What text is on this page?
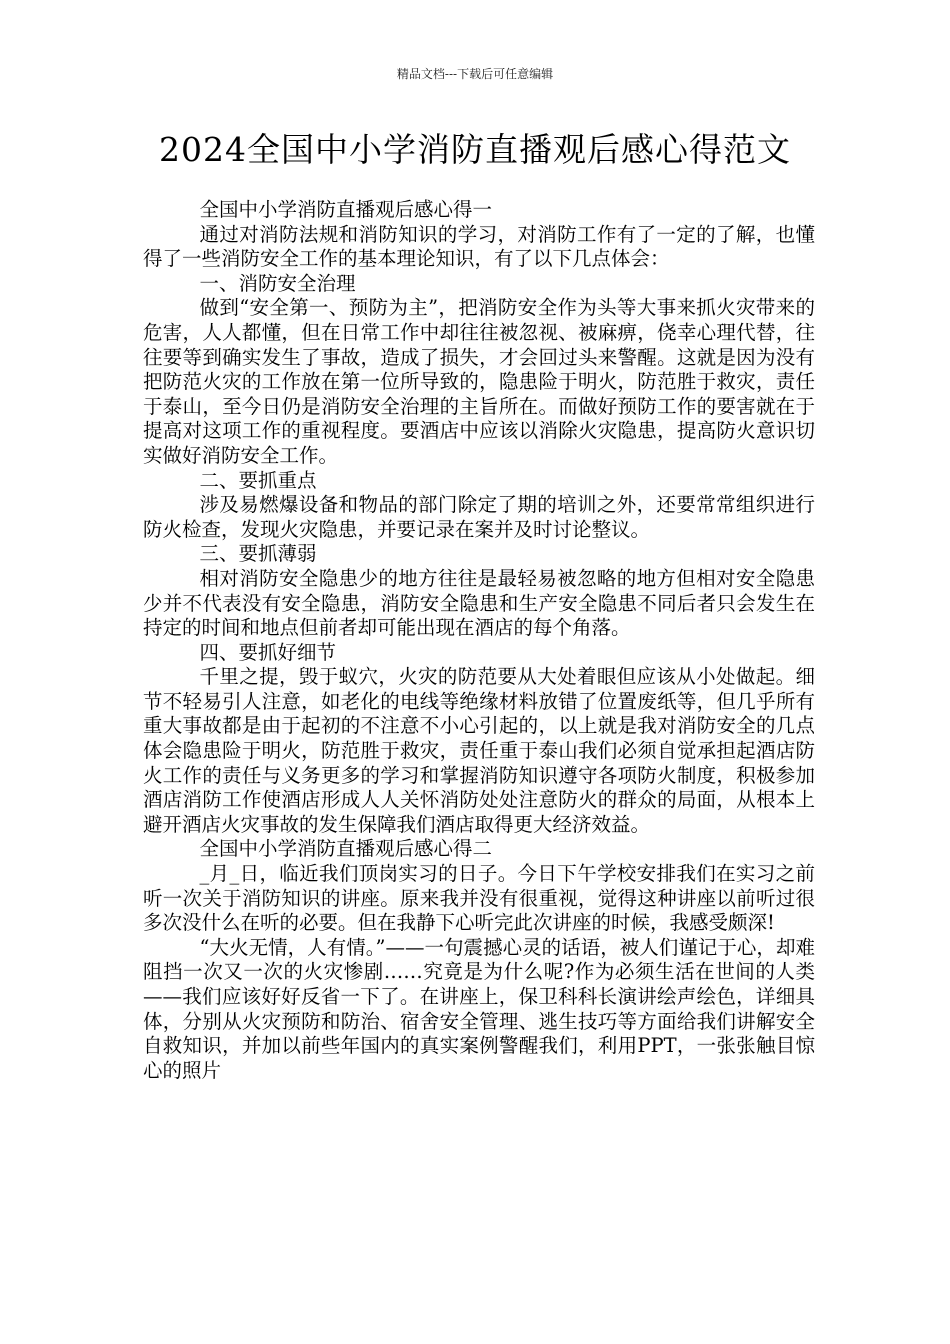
精品文档---下载后可任意编辑
2024全国中小学消防直播观后感心得范文

全国中小学消防直播观后感心得一

通过对消防法规和消防知识的学习，对消防工作有了一定的了解，也懂得了一些消防安全工作的基本理论知识，有了以下几点体会：

一、消防安全治理

做到“安全第一、预防为主”，把消防安全作为头等大事来抓火灾带来的危害，人人都懂，但在日常工作中却往往被忽视、被麻痹，侥幸心理代替，往往要等到确实发生了事故，造成了损失，才会回过头来警醒。这就是因为没有把防范火灾的工作放在第一位所导致的，隐患险于明火，防范胜于救灾，责任于泰山，至今日仍是消防安全治理的主旨所在。而做好预防工作的要害就在于提高对这项工作的重视程度。要酒店中应该以消除火灾隐患，提高防火意识切实做好消防安全工作。

二、要抓重点

涉及易燃爆设备和物品的部门除定了期的培训之外，还要常常组织进行防火检查，发现火灾隐患，并要记录在案并及时讨论整议。

三、要抓薄弱

相对消防安全隐患少的地方往往是最轻易被忽略的地方但相对安全隐患少并不代表没有安全隐患，消防安全隐患和生产安全隐患不同后者只会发生在持定的时间和地点但前者却可能出现在酒店的每个角落。

四、要抓好细节

千里之提，毁于蚁穴，火灾的防范要从大处着眼但应该从小处做起。细节不轻易引人注意，如老化的电线等绝缘材料放错了位置废纸等，但几乎所有重大事故都是由于起初的不注意不小心引起的，以上就是我对消防安全的几点体会隐患险于明火，防范胜于救灾，责任重于泰山我们必须自觉承担起酒店防火工作的责任与义务更多的学习和掌握消防知识遵守各项防火制度，积极参加酒店消防工作使酒店形成人人关怀消防处处注意防火的群众的局面，从根本上避开酒店火灾事故的发生保障我们酒店取得更大经济效益。

全国中小学消防直播观后感心得二

_月_日，临近我们顶岗实习的日子。今日下午学校安排我们在实习之前听一次关于消防知识的讲座。原来我并没有很重视，觉得这种讲座以前听过很多次没什么在听的必要。但在我静下心听完此次讲座的时候，我感受颇深!

“大火无情，人有情。”——一句震撼心灵的话语，被人们谨记于心，却难阻挡一次又一次的火灾惨剧……究竟是为什么呢?作为必须生活在世间的人类——我们应该好好反省一下了。在讲座上，保卫科科长演讲绘声绘色，详细具体，分别从火灾预防和防治、宿舍安全管理、逃生技巧等方面给我们讲解安全自救知识，并加以前些年国内的真实案例警醒我们，利用PPT，一张张触目惊心的照片
